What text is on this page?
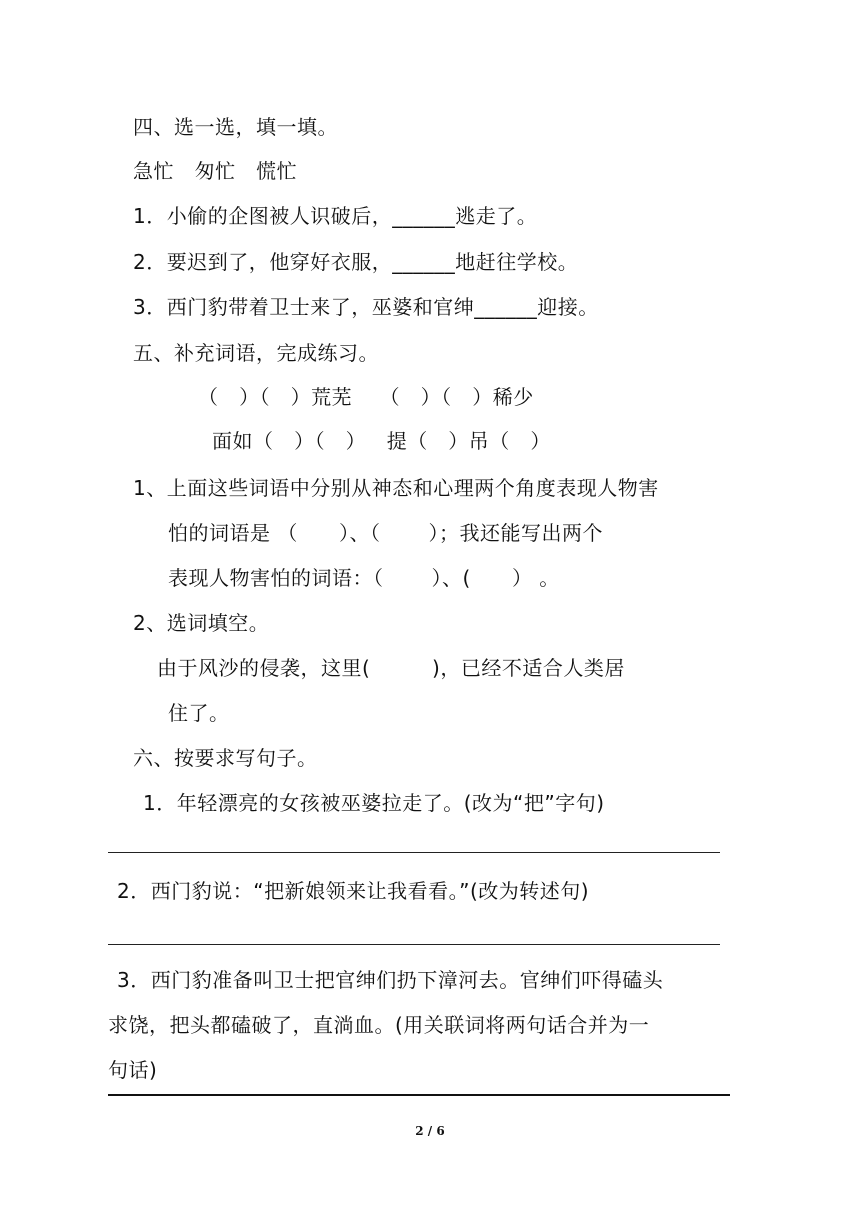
四、选一选，填一填。
急忙   匆忙   慌忙
1．小偷的企图被人识破后，______逃走了。
2．要迟到了，他穿好衣服，______地赶往学校。
3．西门豹带着卫士来了，巫婆和官绅______迎接。
五、补充词语，完成练习。
（   ）（   ）荒芜    （   ）（   ）稀少
面如（   ）（   ）   提（   ）吊（   ）
1、上面这些词语中分别从神态和心理两个角度表现人物害
怕的词语是 （      ）、（       ）；我还能写出两个
表现人物害怕的词语：（       ）、(      ） 。
2、选词填空。
由于风沙的侵袭，这里(         )，已经不适合人类居
住了。
六、按要求写句子。
1．年轻漂亮的女孩被巫婆拉走了。(改为“把”字句)
2．西门豹说：“把新娘领来让我看看。”(改为转述句)
3．西门豹准备叫卫士把官绅们扔下漳河去。官绅们吓得磕头
求饶，把头都磕破了，直淌血。(用关联词将两句话合并为一
句话)
2 / 6
